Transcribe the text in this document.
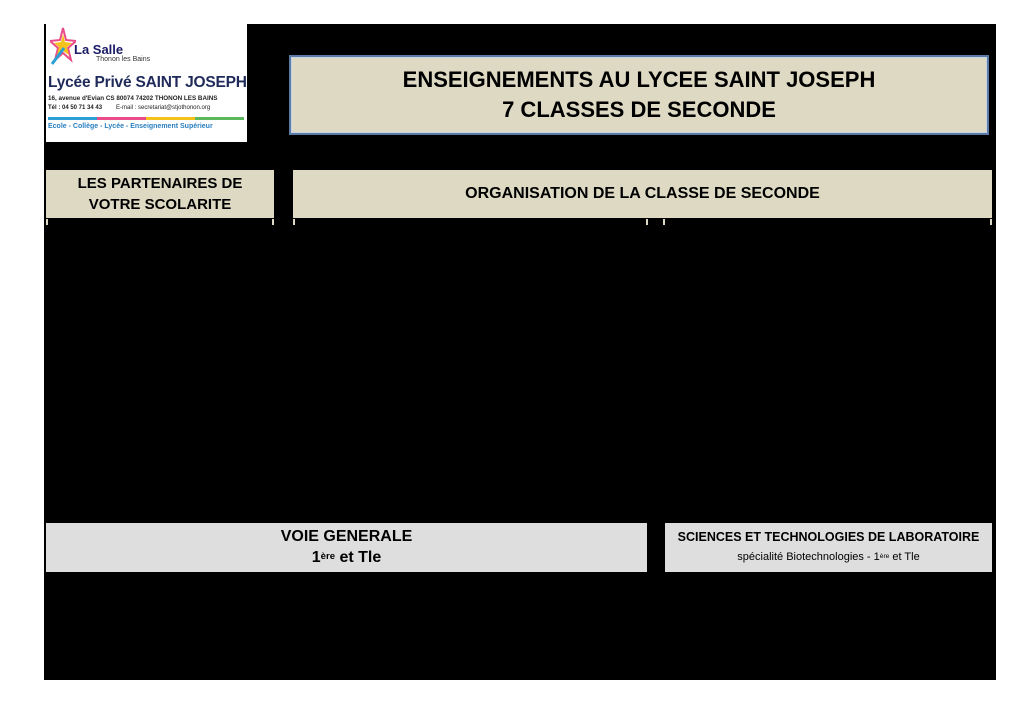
La Salle
Thonon les Bains
Lycée Privé SAINT JOSEPH
16, avenue d'Evian CS 80074 74202 THONON LES BAINS
Tél : 04 50 71 34 43 E-mail : secretariat@stjothonon.org
Ecole - Collège - Lycée - Enseignement Supérieur
ENSEIGNEMENTS AU LYCEE SAINT JOSEPH
7 CLASSES DE SECONDE
LES PARTENAIRES DE
VOTRE SCOLARITE
ORGANISATION DE LA CLASSE DE SECONDE
VOIE GENERALE
1ère et Tle
SCIENCES ET TECHNOLOGIES DE LABORATOIRE
spécialité Biotechnologies - 1ère et Tle
